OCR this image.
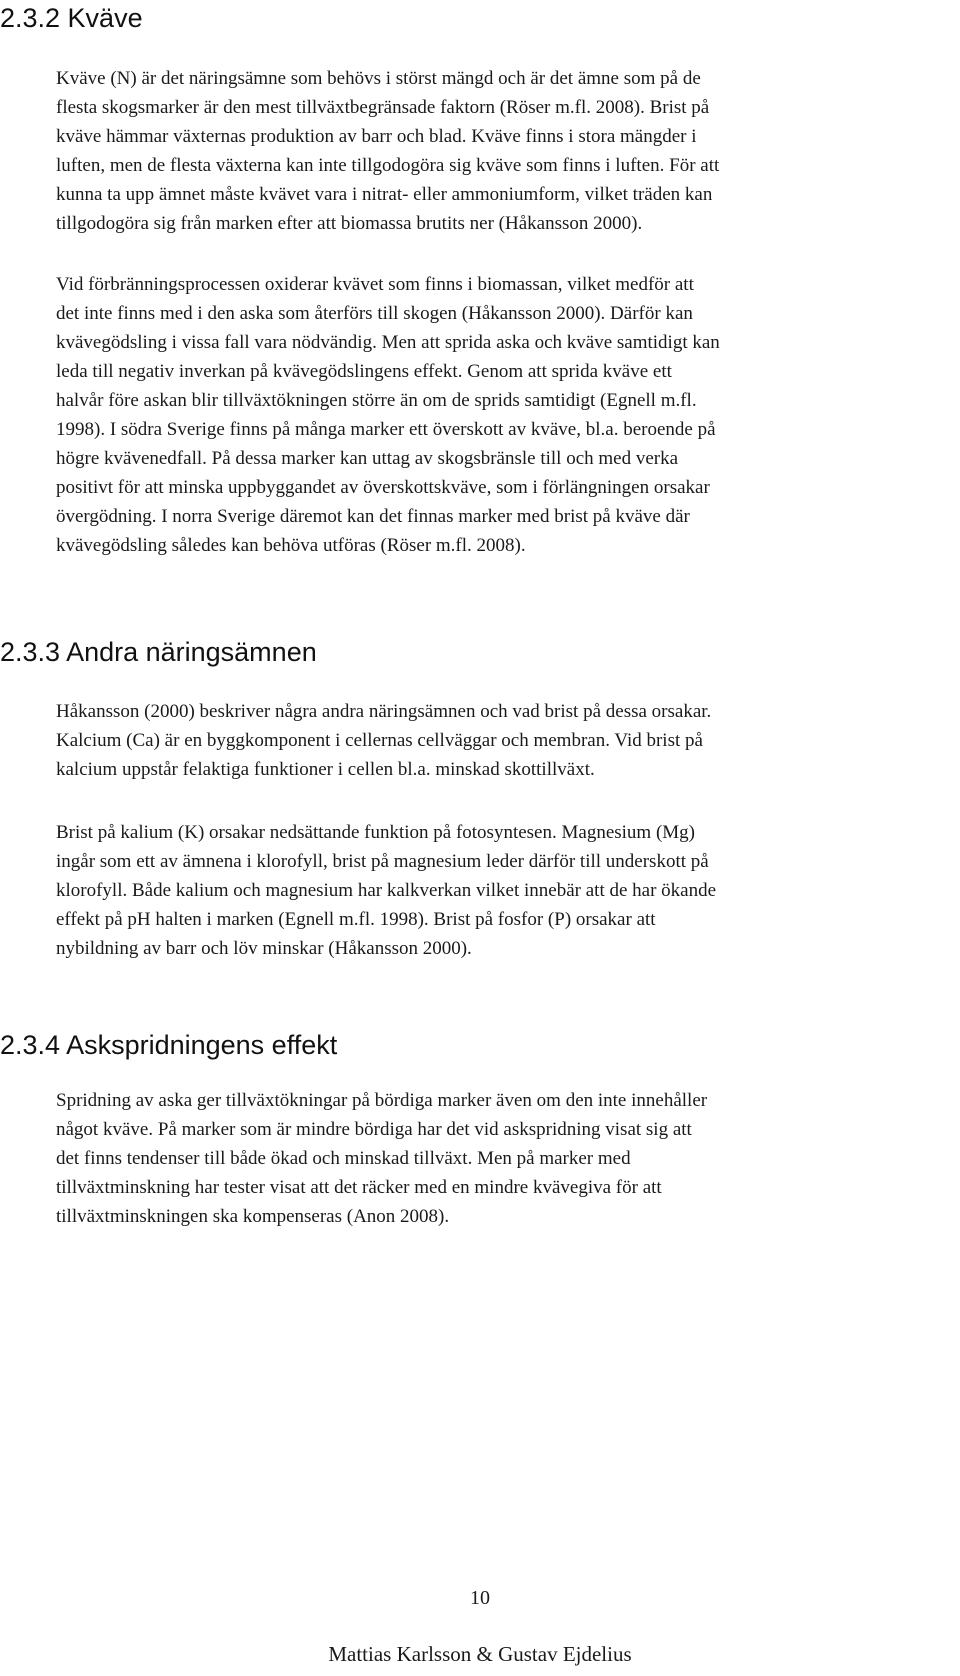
2.3.2 Kväve

Kväve (N) är det näringsämne som behövs i störst mängd och är det ämne som på de
flesta skogsmarker är den mest tillväxtbegränsade faktorn (Röser m.fl. 2008). Brist på
kväve hämmar växternas produktion av barr och blad. Kväve finns i stora mängder i
luften, men de flesta växterna kan inte tillgodogöra sig kväve som finns i luften. För att
kunna ta upp ämnet måste kvävet vara i nitrat- eller ammoniumform, vilket träden kan
tillgodogöra sig från marken efter att biomassa brutits ner (Håkansson 2000).

Vid förbränningsprocessen oxiderar kvävet som finns i biomassan, vilket medför att
det inte finns med i den aska som återförs till skogen (Håkansson 2000). Därför kan
kvävegödsling i vissa fall vara nödvändig. Men att sprida aska och kväve samtidigt kan
leda till negativ inverkan på kvävegödslingens effekt. Genom att sprida kväve ett
halvår före askan blir tillväxtökningen större än om de sprids samtidigt (Egnell m.fl.
1998). I södra Sverige finns på många marker ett överskott av kväve, bl.a. beroende på
högre kvävenedfall. På dessa marker kan uttag av skogsbränsle till och med verka
positivt för att minska uppbyggandet av överskottskväve, som i förlängningen orsakar
övergödning. I norra Sverige däremot kan det finnas marker med brist på kväve där
kvävegödsling således kan behöva utföras (Röser m.fl. 2008).

2.3.3 Andra näringsämnen

Håkansson (2000) beskriver några andra näringsämnen och vad brist på dessa orsakar.
Kalcium (Ca) är en byggkomponent i cellernas cellväggar och membran. Vid brist på
kalcium uppstår felaktiga funktioner i cellen bl.a. minskad skottillväxt.

Brist på kalium (K) orsakar nedsättande funktion på fotosyntesen. Magnesium (Mg)
ingår som ett av ämnena i klorofyll, brist på magnesium leder därför till underskott på
klorofyll. Både kalium och magnesium har kalkverkan vilket innebär att de har ökande
effekt på pH halten i marken (Egnell m.fl. 1998). Brist på fosfor (P) orsakar att
nybildning av barr och löv minskar (Håkansson 2000).

2.3.4 Askspridningens effekt

Spridning av aska ger tillväxtökningar på bördiga marker även om den inte innehåller
något kväve. På marker som är mindre bördiga har det vid askspridning visat sig att
det finns tendenser till både ökad och minskad tillväxt. Men på marker med
tillväxtminskning har tester visat att det räcker med en mindre kvävegiva för att
tillväxtminskningen ska kompenseras (Anon 2008).

10
Mattias Karlsson & Gustav Ejdelius
